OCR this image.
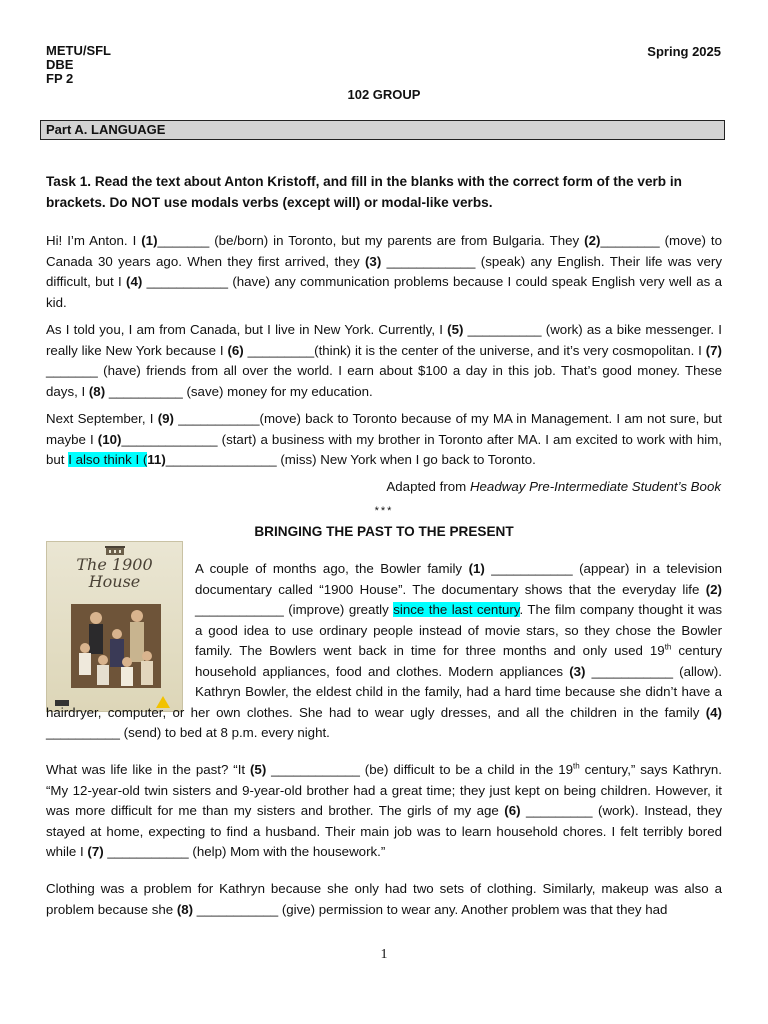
METU/SFL
DBE
FP 2
Spring 2025
102 GROUP
Part A. LANGUAGE
Task 1. Read the text about Anton Kristoff, and fill in the blanks with the correct form of the verb in brackets. Do NOT use modals verbs (except will) or modal-like verbs.
Hi! I’m Anton. I (1)_______ (be/born) in Toronto, but my parents are from Bulgaria. They (2)________ (move) to Canada 30 years ago. When they first arrived, they (3) ____________ (speak) any English. Their life was very difficult, but I (4) ___________ (have) any communication problems because I could speak English very well as a kid.
As I told you, I am from Canada, but I live in New York. Currently, I (5) __________ (work) as a bike messenger. I really like New York because I (6) _________(think) it is the center of the universe, and it’s very cosmopolitan. I (7) _______ (have) friends from all over the world. I earn about $100 a day in this job. That’s good money. These days, I (8) __________ (save) money for my education.
Next September, I (9) ___________(move) back to Toronto because of my MA in Management. I am not sure, but maybe I (10)_____________ (start) a business with my brother in Toronto after MA. I am excited to work with him, but I also think I (11)_______________ (miss) New York when I go back to Toronto.
Adapted from Headway Pre-Intermediate Student’s Book
***
BRINGING THE PAST TO THE PRESENT
The 1900
House
A couple of months ago, the Bowler family (1) ___________ (appear) in a television documentary called “1900 House”. The documentary shows that the everyday life (2) ____________ (improve) greatly since the last century. The film company thought it was a good idea to use ordinary people instead of movie stars, so they chose the Bowler family. The Bowlers went back in time for three months and only used 19th century household appliances, food and clothes. Modern appliances (3) ___________ (allow). Kathryn Bowler, the eldest child in the family, had a hard time because she didn’t have a hairdryer, computer, or her own clothes. She had to wear ugly dresses, and all the children in the family (4) __________ (send) to bed at 8 p.m. every night.
What was life like in the past? “It (5) ____________ (be) difficult to be a child in the 19th century,” says Kathryn. “My 12-year-old twin sisters and 9-year-old brother had a great time; they just kept on being children. However, it was more difficult for me than my sisters and brother. The girls of my age (6) _________ (work). Instead, they stayed at home, expecting to find a husband. Their main job was to learn household chores. I felt terribly bored while I (7) ___________ (help) Mom with the housework.”
Clothing was a problem for Kathryn because she only had two sets of clothing. Similarly, makeup was also a problem because she (8) ___________ (give) permission to wear any. Another problem was that they had
1
